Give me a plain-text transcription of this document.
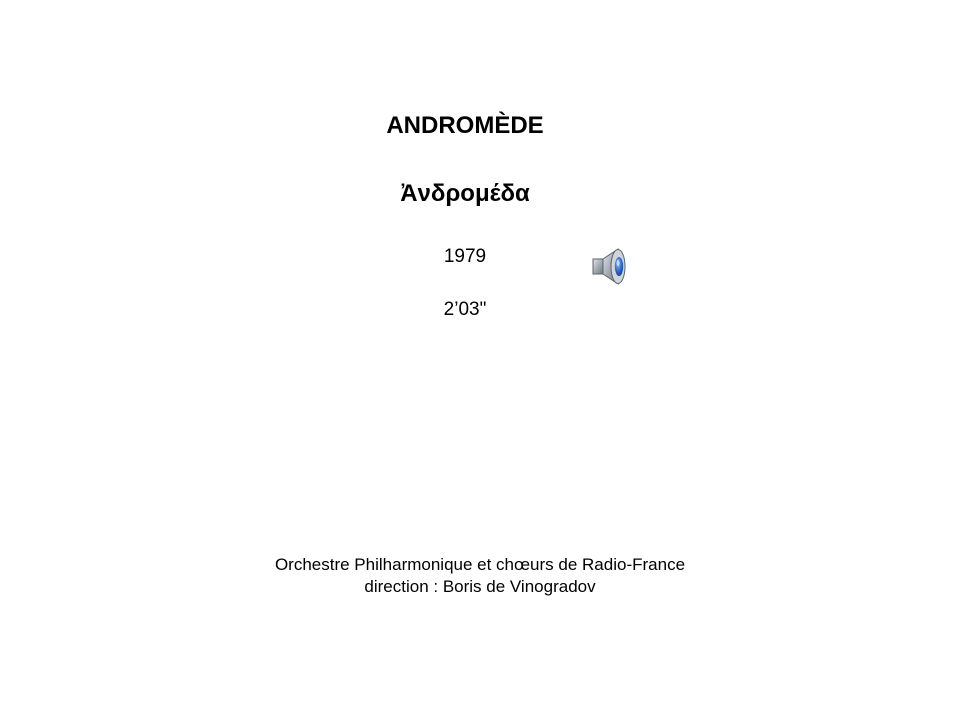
ANDROMÈDE
Ἀνδρομέδα
1979
2’03"
Orchestre Philharmonique et chœurs de Radio-France
direction : Boris de Vinogradov
